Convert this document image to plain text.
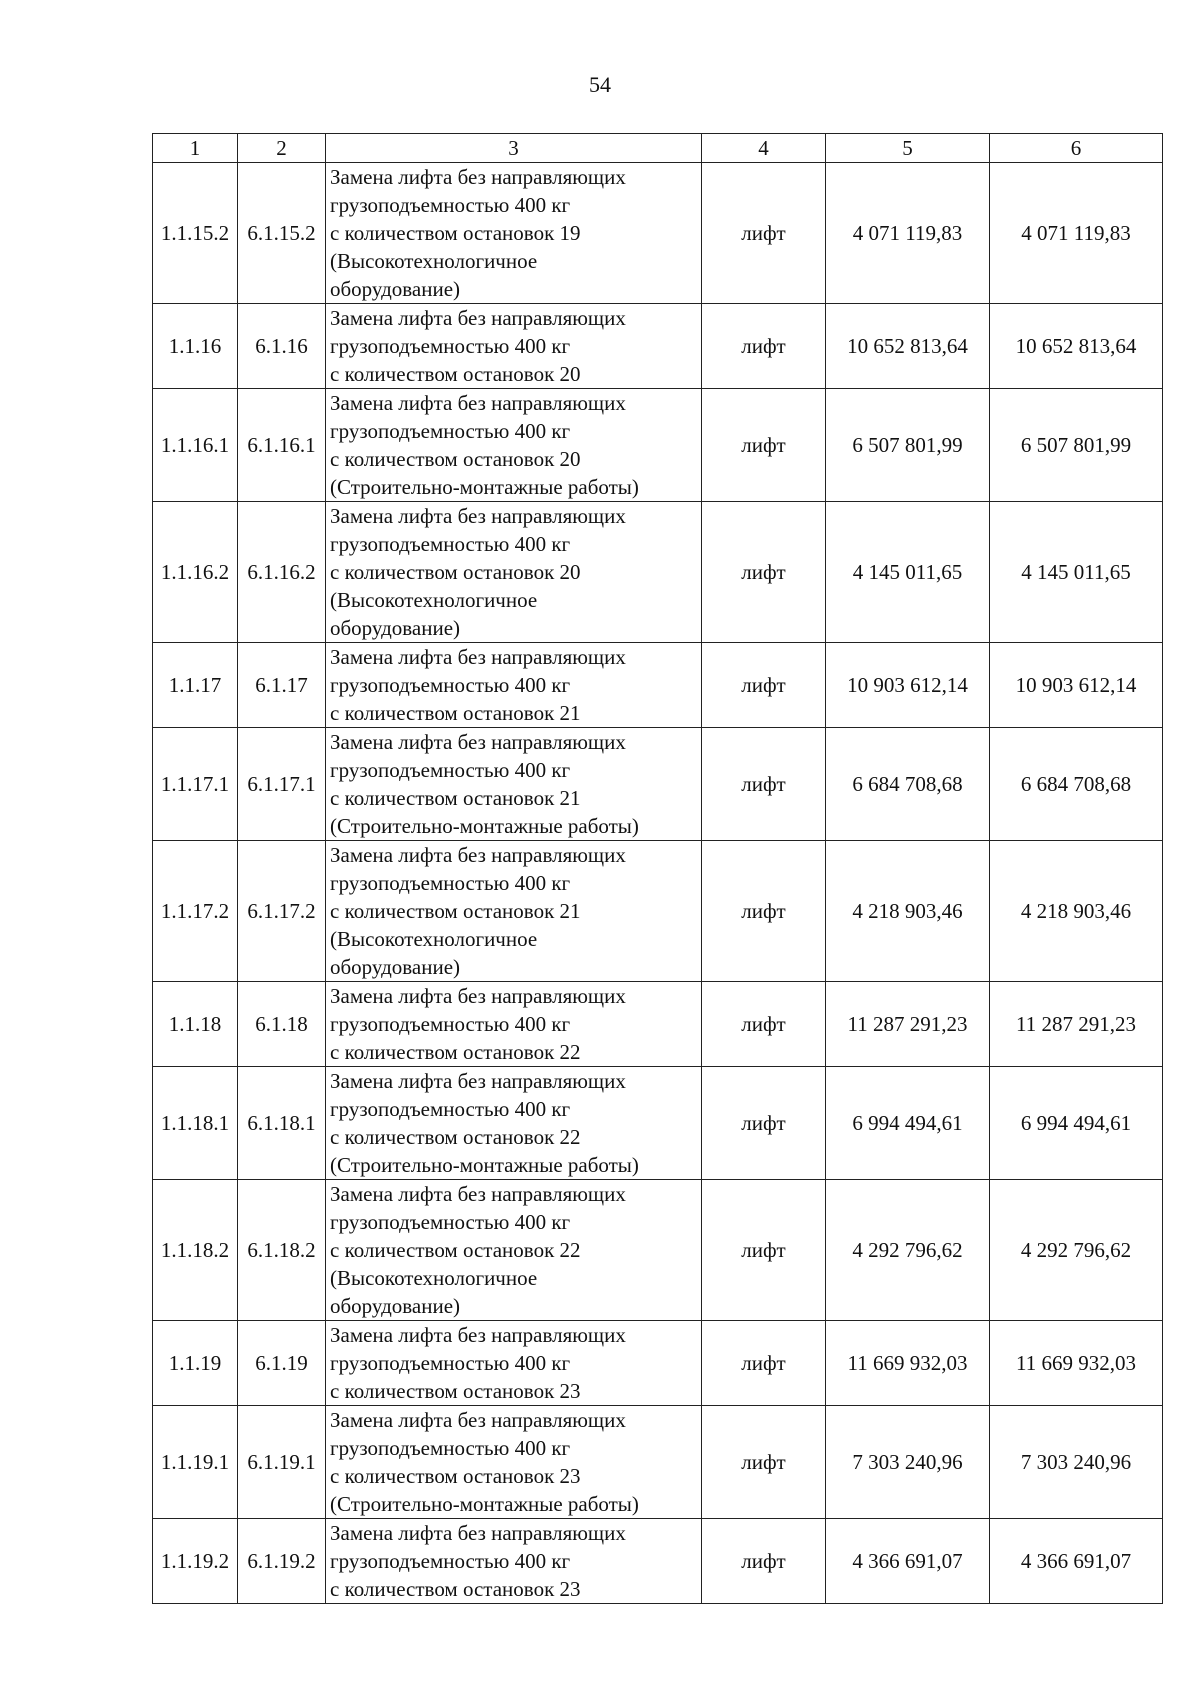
54
1	2	3	4	5	6
1.1.15.2	6.1.15.2	Замена лифта без направляющих
грузоподъемностью 400 кг
с количеством остановок 19
(Высокотехнологичное
оборудование)	лифт	4 071 119,83	4 071 119,83
1.1.16	6.1.16	Замена лифта без направляющих
грузоподъемностью 400 кг
с количеством остановок 20	лифт	10 652 813,64	10 652 813,64
1.1.16.1	6.1.16.1	Замена лифта без направляющих
грузоподъемностью 400 кг
с количеством остановок 20
(Строительно-монтажные работы)	лифт	6 507 801,99	6 507 801,99
1.1.16.2	6.1.16.2	Замена лифта без направляющих
грузоподъемностью 400 кг
с количеством остановок 20
(Высокотехнологичное
оборудование)	лифт	4 145 011,65	4 145 011,65
1.1.17	6.1.17	Замена лифта без направляющих
грузоподъемностью 400 кг
с количеством остановок 21	лифт	10 903 612,14	10 903 612,14
1.1.17.1	6.1.17.1	Замена лифта без направляющих
грузоподъемностью 400 кг
с количеством остановок 21
(Строительно-монтажные работы)	лифт	6 684 708,68	6 684 708,68
1.1.17.2	6.1.17.2	Замена лифта без направляющих
грузоподъемностью 400 кг
с количеством остановок 21
(Высокотехнологичное
оборудование)	лифт	4 218 903,46	4 218 903,46
1.1.18	6.1.18	Замена лифта без направляющих
грузоподъемностью 400 кг
с количеством остановок 22	лифт	11 287 291,23	11 287 291,23
1.1.18.1	6.1.18.1	Замена лифта без направляющих
грузоподъемностью 400 кг
с количеством остановок 22
(Строительно-монтажные работы)	лифт	6 994 494,61	6 994 494,61
1.1.18.2	6.1.18.2	Замена лифта без направляющих
грузоподъемностью 400 кг
с количеством остановок 22
(Высокотехнологичное
оборудование)	лифт	4 292 796,62	4 292 796,62
1.1.19	6.1.19	Замена лифта без направляющих
грузоподъемностью 400 кг
с количеством остановок 23	лифт	11 669 932,03	11 669 932,03
1.1.19.1	6.1.19.1	Замена лифта без направляющих
грузоподъемностью 400 кг
с количеством остановок 23
(Строительно-монтажные работы)	лифт	7 303 240,96	7 303 240,96
1.1.19.2	6.1.19.2	Замена лифта без направляющих
грузоподъемностью 400 кг
с количеством остановок 23	лифт	4 366 691,07	4 366 691,07
